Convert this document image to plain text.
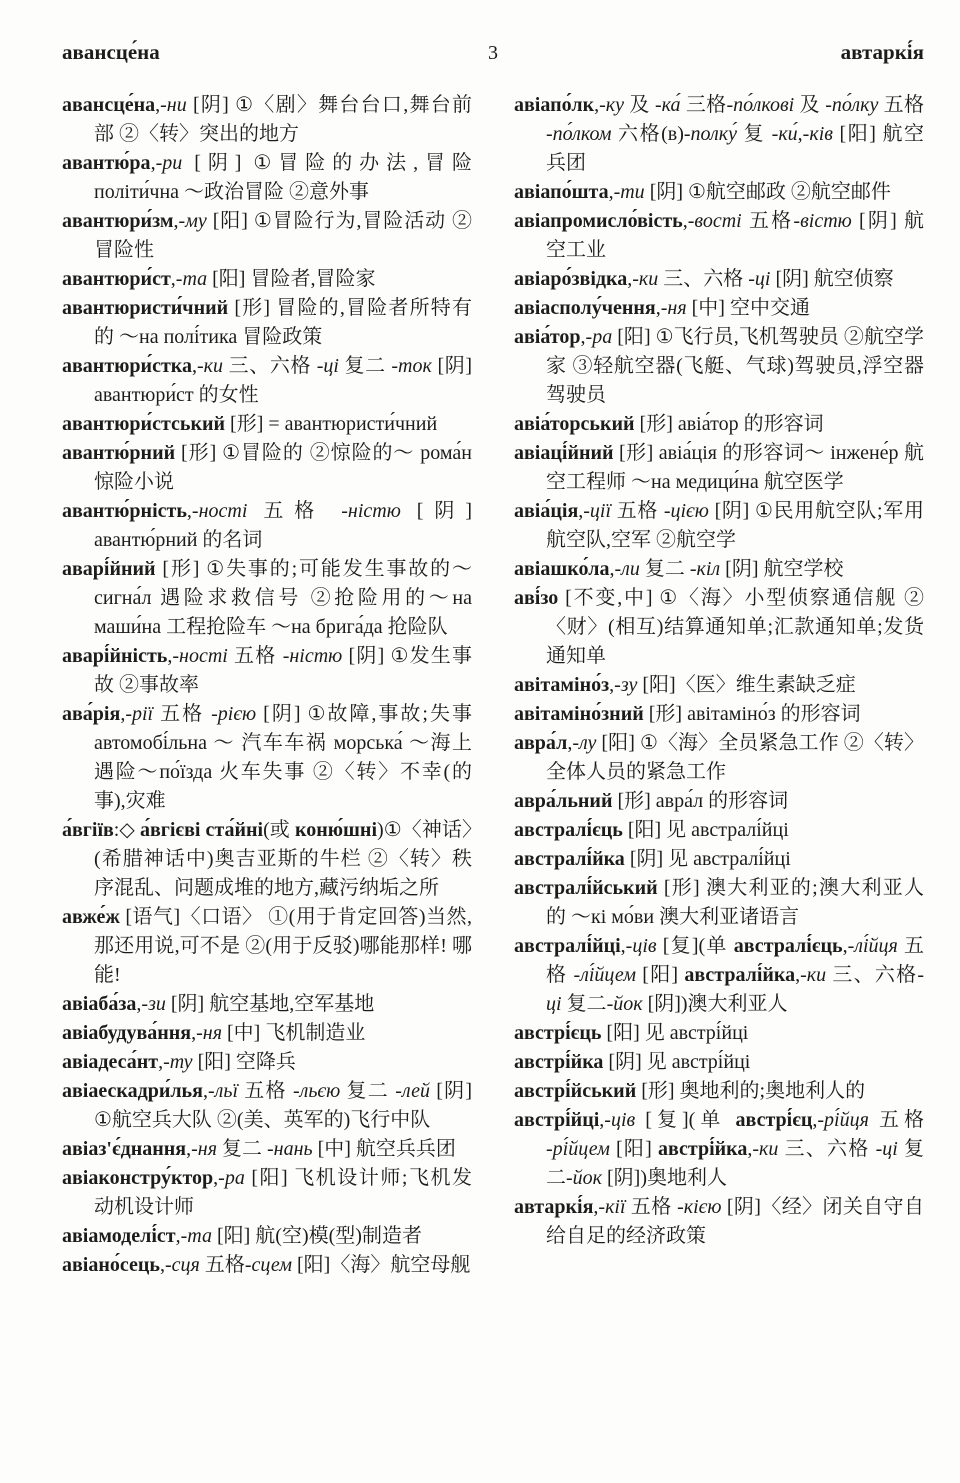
авансце́на	3	автаркі́я

авансце́на,-ни [阴] ①〈剧〉舞台台口,舞台前部 ②〈转〉突出的地方

авантю́ра,-ри [阴] ①冒险的办法,冒险 політи́чна ～政治冒险 ②意外事

авантюри́зм,-му [阳] ①冒险行为,冒险活动 ②冒险性

авантюри́ст,-та [阳] 冒险者,冒险家

авантюристи́чний [形] 冒险的,冒险者所特有的 ～на полі́тика 冒险政策

авантюри́стка,-ки 三、六格 -ці 复二 -ток [阴] авантюри́ст 的女性

авантюри́стський [形] = авантюристи́чний

авантю́рний [形] ①冒险的 ②惊险的～ рома́н 惊险小说

авантю́рність,-ності 五格 -ністю [阴] авантю́рний 的名词

аварі́йний [形] ①失事的;可能发生事故的～ сигна́л 遇险求救信号 ②抢险用的～на маши́на 工程抢险车 ～на брига́да 抢险队

аварі́йність,-ності 五格 -ністю [阴] ①发生事故 ②事故率

ава́рія,-рії 五格 -рією [阴] ①故障,事故;失事 автомобі́льна ～ 汽车车祸 морська́ ～海上遇险～по́їзда 火车失事 ②〈转〉不幸(的事),灾难

а́вгіїв:◇ а́вгієві ста́йні(或 коню́шні)①〈神话〉(希腊神话中)奥吉亚斯的牛栏 ②〈转〉秩序混乱、问题成堆的地方,藏污纳垢之所

авже́ж [语气]〈口语〉 ①(用于肯定回答)当然,那还用说,可不是 ②(用于反驳)哪能那样! 哪能!

авіаба́за,-зи [阴] 航空基地,空军基地

авіабудува́ння,-ня [中] 飞机制造业

авіадеса́нт,-ту [阳] 空降兵

авіаескадри́лья,-льї 五格 -льєю 复二 -лей [阴] ①航空兵大队 ②(美、英军的)飞行中队

авіаз'є́днання,-ня 复二 -нань [中] 航空兵兵团

авіаконстру́ктор,-ра [阳] 飞机设计师;飞机发动机设计师

авіамоделі́ст,-та [阳] 航(空)模(型)制造者

авіано́сець,-сця 五格-сцем [阳]〈海〉航空母舰

авіапо́лк,-ку 及 -ка́ 三格-по́лкові 及 -по́лку 五格 -по́лком 六格(в)-полку́ 复 -ки́,-ків [阳] 航空兵团

авіапо́шта,-ти [阴] ①航空邮政 ②航空邮件

авіапромисло́вість,-вості 五格-вістю [阴] 航空工业

авіаро́звідка,-ки 三、六格 -ці [阴] 航空侦察

авіасполу́чення,-ня [中] 空中交通

авіа́тор,-ра [阳] ①飞行员,飞机驾驶员 ②航空学家 ③轻航空器(飞艇、气球)驾驶员,浮空器驾驶员

авіа́торський [形] авіа́тор 的形容词

авіаці́йний [形] авіа́ція 的形容词～ інжене́р 航空工程师 ～на медици́на 航空医学

авіа́ція,-ції 五格 -цією [阴] ①民用航空队;军用航空队,空军 ②航空学

авіашко́ла,-ли 复二 -кіл [阴] 航空学校

аві́зо [不变,中] ①〈海〉小型侦察通信舰 ②〈财〉(相互)结算通知单;汇款通知单;发货通知单

авітаміно́з,-зу [阳]〈医〉维生素缺乏症

авітаміно́зний [形] авітаміно́з 的形容词

авра́л,-лу [阳] ①〈海〉全员紧急工作 ②〈转〉全体人员的紧急工作

авра́льний [形] авра́л 的形容词

австралі́єць [阳] 见 австралі́йці

австралі́йка [阴] 见 австралі́йці

австралі́йський [形] 澳大利亚的;澳大利亚人的 ～кі мо́ви 澳大利亚诸语言

австралі́йці,-ців [复](单 австралі́єць,-лі́йця 五格 -лі́йцем [阳] австралі́йка,-ки 三、六格-ці 复二-йок [阴])澳大利亚人

австрі́єць [阳] 见 австрі́йці

австрі́йка [阴] 见 австрі́йці

австрі́йський [形] 奥地利的;奥地利人的

австрі́йці,-ців [复](单 австрі́єц,-рі́йця 五格 -рі́йцем [阳] австрі́йка,-ки 三、六格 -ці 复二-йок [阴])奥地利人

автаркі́я,-кії 五格 -кією [阴]〈经〉闭关自守自给自足的经济政策
